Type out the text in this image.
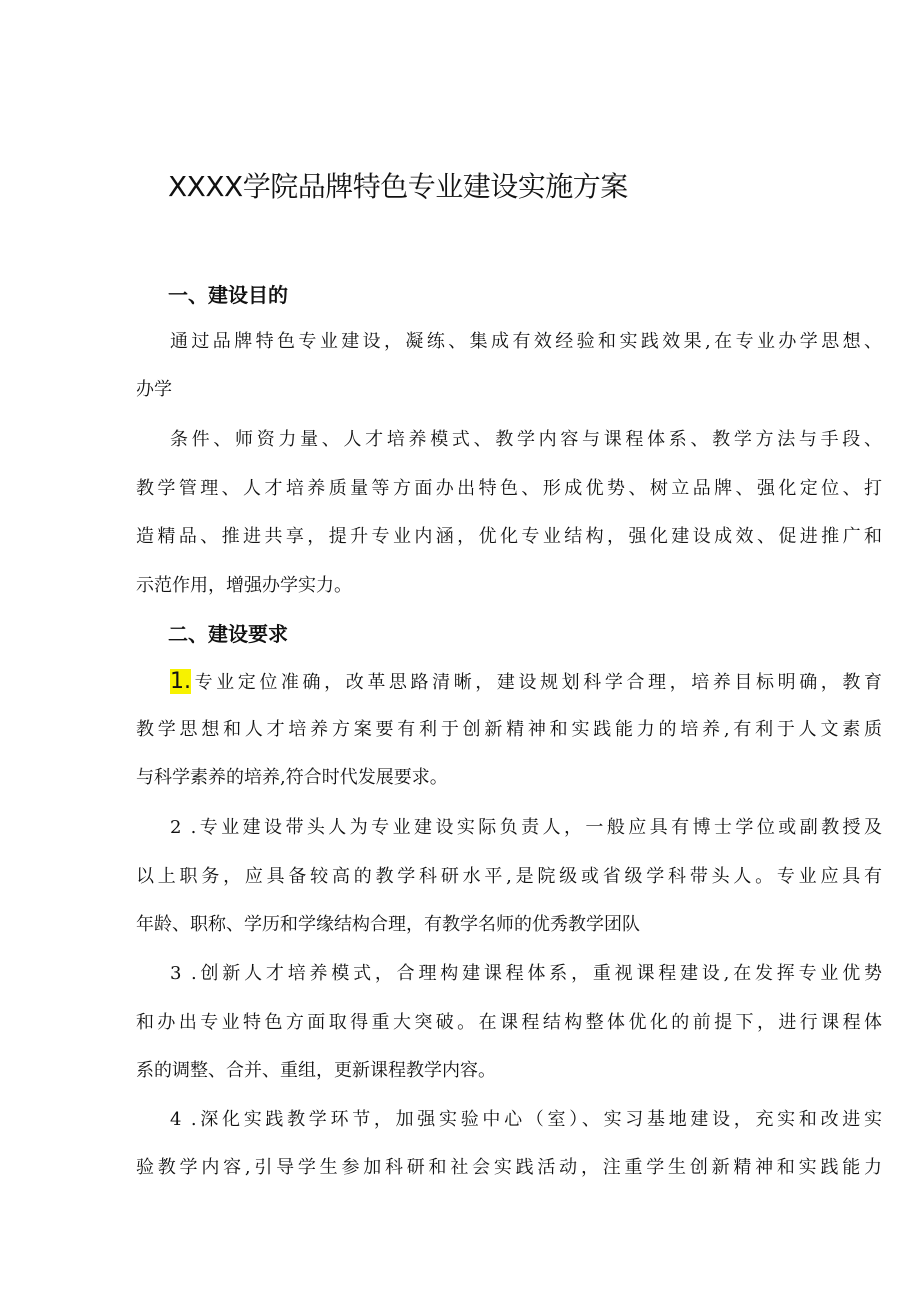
XXXX学院品牌特色专业建设实施方案
一、建设目的

通过品牌特色专业建设，凝练、集成有效经验和实践效果,在专业办学思想、

办学

条件、师资力量、人才培养模式、教学内容与课程体系、教学方法与手段、

教学管理、人才培养质量等方面办出特色、形成优势、树立品牌、强化定位、打

造精品、推进共享，提升专业内涵，优化专业结构，强化建设成效、促进推广和

示范作用，增强办学实力。

二、建设要求
1.专业定位准确，改革思路清晰，建设规划科学合理，培养目标明确，教育

教学思想和人才培养方案要有利于创新精神和实践能力的培养,有利于人文素质

与科学素养的培养,符合时代发展要求。

2 .专业建设带头人为专业建设实际负责人，一般应具有博士学位或副教授及

以上职务，应具备较高的教学科研水平,是院级或省级学科带头人。专业应具有

年龄、职称、学历和学缘结构合理，有教学名师的优秀教学团队

3 .创新人才培养模式，合理构建课程体系，重视课程建设,在发挥专业优势

和办出专业特色方面取得重大突破。在课程结构整体优化的前提下，进行课程体

系的调整、合并、重组，更新课程教学内容。

4 .深化实践教学环节，加强实验中心（室）、实习基地建设，充实和改进实

验教学内容,引导学生参加科研和社会实践活动，注重学生创新精神和实践能力
